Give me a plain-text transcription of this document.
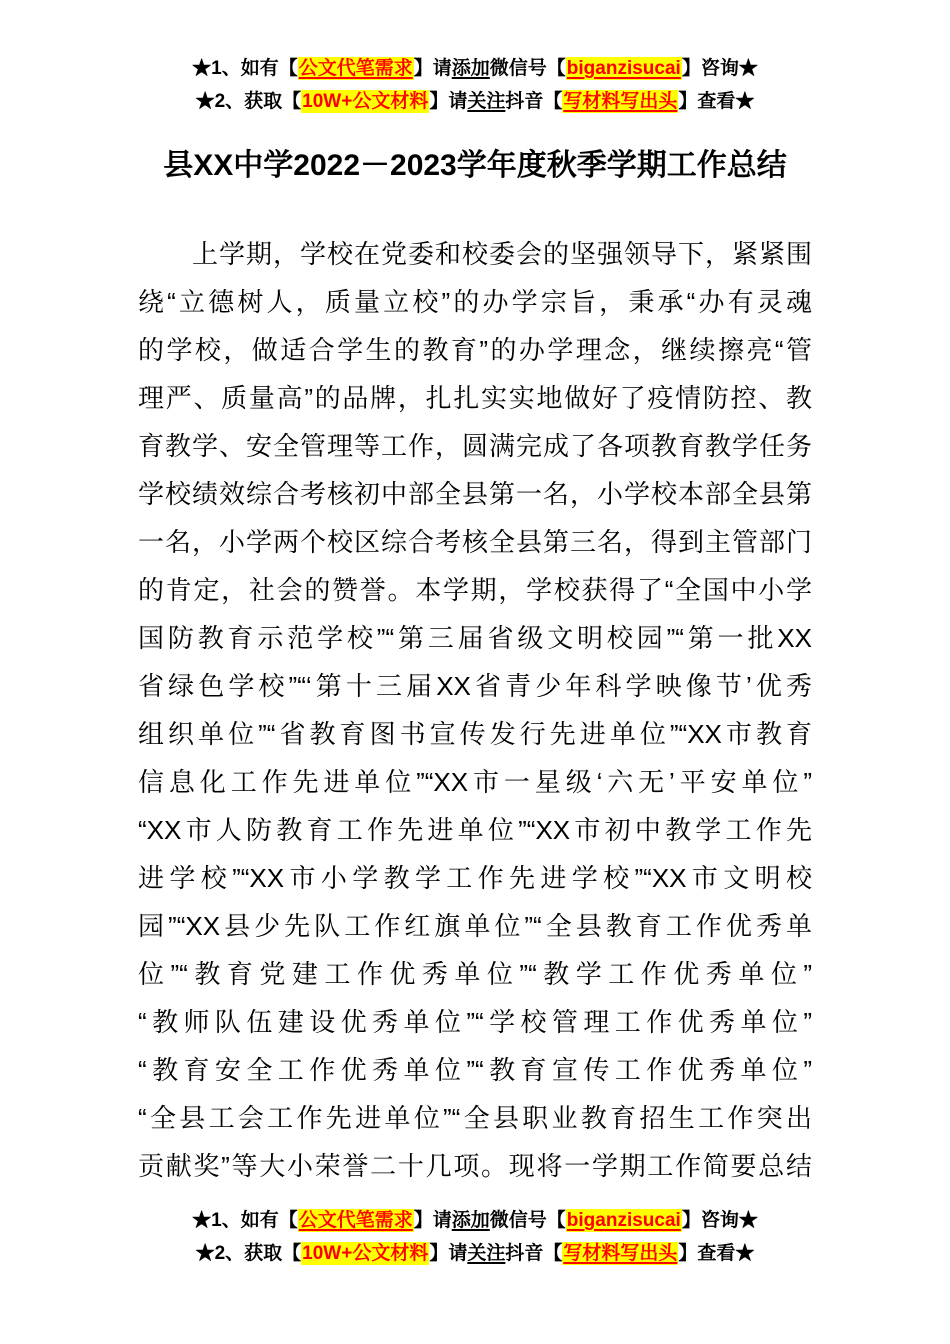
★1、如有【公文代笔需求】请添加微信号【biganzisucai】咨询★
★2、获取【10W+公文材料】请关注抖音【写材料写出头】查看★
县XX中学2022－2023学年度秋季学期工作总结
　　上学期，学校在党委和校委会的坚强领导下，紧紧围
绕“立德树人，质量立校”的办学宗旨，秉承“办有灵魂
的学校，做适合学生的教育”的办学理念，继续擦亮“管
理严、质量高”的品牌，扎扎实实地做好了疫情防控、教
育教学、安全管理等工作，圆满完成了各项教育教学任务
学校绩效综合考核初中部全县第一名，小学校本部全县第
一名，小学两个校区综合考核全县第三名，得到主管部门
的肯定，社会的赞誉。本学期，学校获得了“全国中小学
国防教育示范学校”“第三届省级文明校园”“第一批XX
省绿色学校”“‘第十三届XX省青少年科学映像节’优秀
组织单位”“省教育图书宣传发行先进单位”“XX市教育
信息化工作先进单位”“XX市一星级‘六无’平安单位”
“XX市人防教育工作先进单位”“XX市初中教学工作先
进学校”“XX市小学教学工作先进学校”“XX市文明校
园”“XX县少先队工作红旗单位”“全县教育工作优秀单
位”“教育党建工作优秀单位”“教学工作优秀单位”
“教师队伍建设优秀单位”“学校管理工作优秀单位”
“教育安全工作优秀单位”“教育宣传工作优秀单位”
“全县工会工作先进单位”“全县职业教育招生工作突出
贡献奖”等大小荣誉二十几项。现将一学期工作简要总结
★1、如有【公文代笔需求】请添加微信号【biganzisucai】咨询★
★2、获取【10W+公文材料】请关注抖音【写材料写出头】查看★
